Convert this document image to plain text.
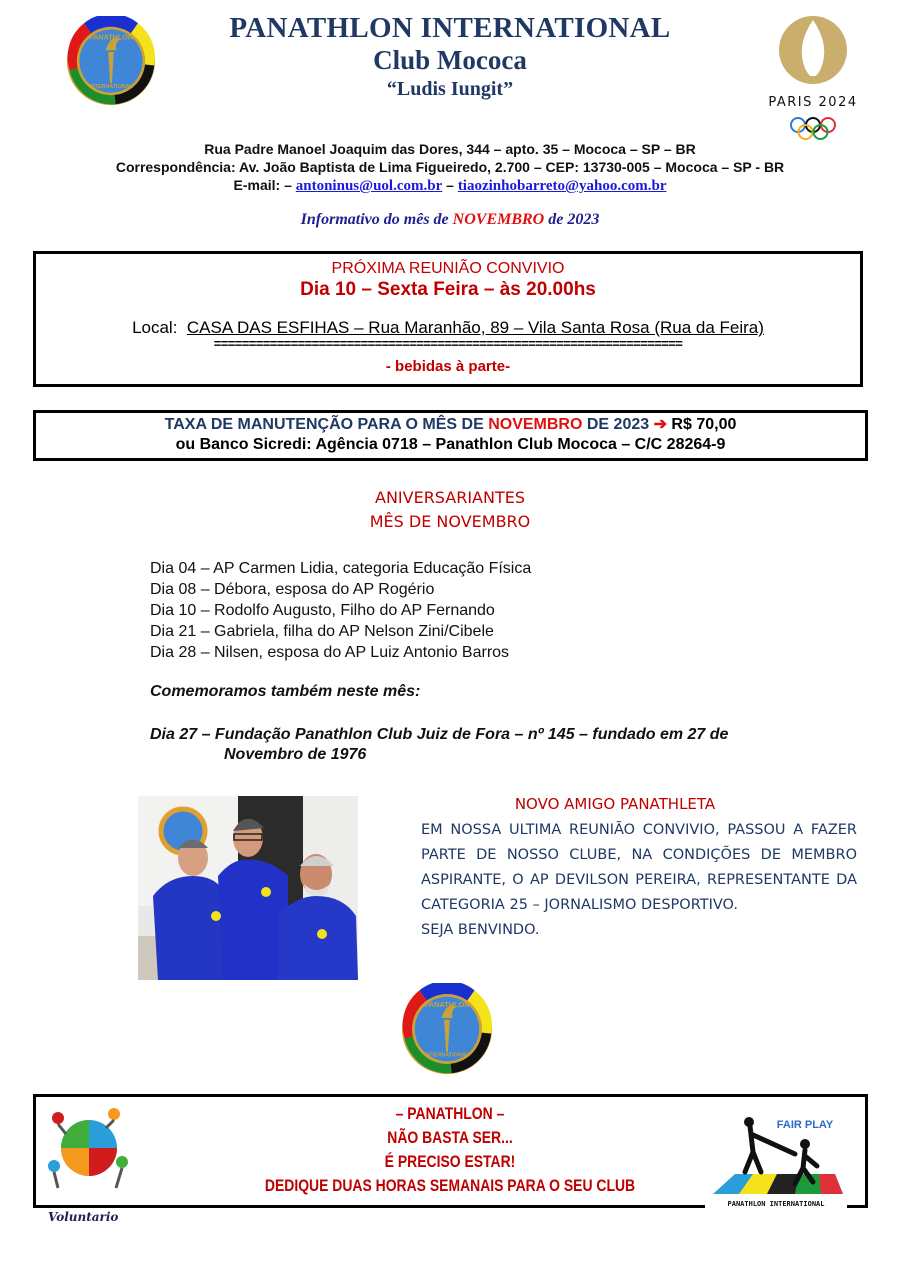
PANATHLON
INTERNATIONAL
PANATHLON INTERNATIONAL
Club Mococa
“Ludis Iungit”
PARIS 2024
Rua Padre Manoel Joaquim das Dores, 344 – apto. 35 – Mococa – SP – BR
Correspondência: Av. João Baptista de Lima Figueiredo, 2.700 – CEP: 13730-005 – Mococa – SP - BR
E-mail: – antoninus@uol.com.br – tiaozinhobarreto@yahoo.com.br
Informativo do mês de NOVEMBRO de 2023
PRÓXIMA REUNIÃO CONVIVIO
Dia 10 – Sexta Feira – às 20.00hs
Local: CASA DAS ESFIHAS – Rua Maranhão, 89 – Vila Santa Rosa (Rua da Feira)
===================================================================
- bebidas à parte-
TAXA DE MANUTENÇÃO PARA O MÊS DE NOVEMBRO DE 2023 ➔ R$ 70,00
ou Banco Sicredi: Agência 0718 – Panathlon Club Mococa – C/C 28264-9
ANIVERSARIANTES
MÊS DE NOVEMBRO
Dia 04 – AP Carmen Lidia, categoria Educação Física
Dia 08 – Débora, esposa do AP Rogério
Dia 10 – Rodolfo Augusto, Filho do AP Fernando
Dia 21 – Gabriela, filha do AP Nelson Zini/Cibele
Dia 28 – Nilsen, esposa do AP Luiz Antonio Barros
Comemoramos também neste mês:
Dia 27 – Fundação Panathlon Club Juiz de Fora – nº 145 – fundado em 27 de
Novembro de 1976
NOVO AMIGO PANATHLETA
EM NOSSA ULTIMA REUNIÃO CONVIVIO, PASSOU A FAZER PARTE DE NOSSO CLUBE, NA CONDIÇÕES DE MEMBRO ASPIRANTE, O AP DEVILSON PEREIRA, REPRESENTANTE DA CATEGORIA 25 – JORNALISMO DESPORTIVO.
SEJA BENVINDO.
PANATHLON
INTERNATIONAL
– PANATHLON –
NÃO BASTA SER...
É PRECISO ESTAR!
DEDIQUE DUAS HORAS SEMANAIS PARA O SEU CLUB
FAIR PLAY
PANATHLON INTERNATIONAL
Voluntario
